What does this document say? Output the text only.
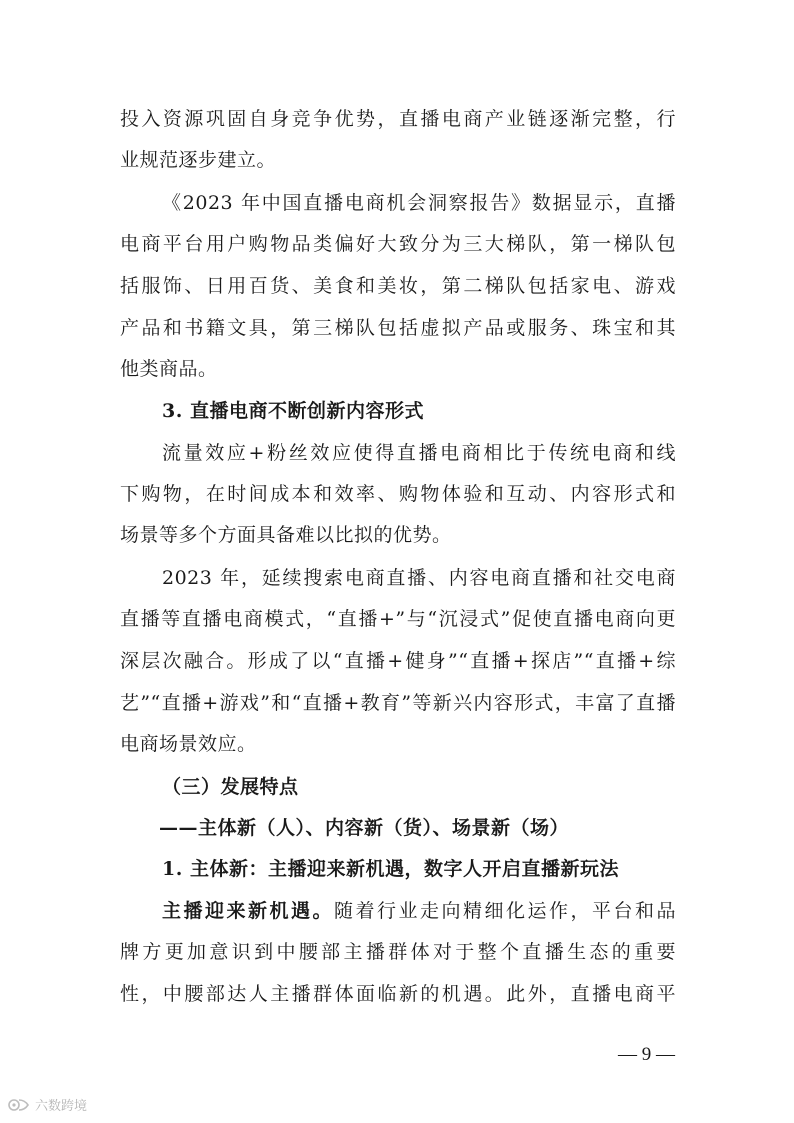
投入资源巩固自身竞争优势，直播电商产业链逐渐完整，行
业规范逐步建立。
《2023 年中国直播电商机会洞察报告》数据显示，直播
电商平台用户购物品类偏好大致分为三大梯队，第一梯队包
括服饰、日用百货、美食和美妆，第二梯队包括家电、游戏
产品和书籍文具，第三梯队包括虚拟产品或服务、珠宝和其
他类商品。
3. 直播电商不断创新内容形式
流量效应+粉丝效应使得直播电商相比于传统电商和线
下购物，在时间成本和效率、购物体验和互动、内容形式和
场景等多个方面具备难以比拟的优势。
2023 年，延续搜索电商直播、内容电商直播和社交电商
直播等直播电商模式，“直播+”与“沉浸式”促使直播电商向更
深层次融合。形成了以“直播+健身”“直播+探店”“直播+综
艺”“直播+游戏”和“直播+教育”等新兴内容形式，丰富了直播
电商场景效应。
（三）发展特点
——主体新（人）、内容新（货）、场景新（场）
1. 主体新：主播迎来新机遇，数字人开启直播新玩法
主播迎来新机遇。随着行业走向精细化运作，平台和品
牌方更加意识到中腰部主播群体对于整个直播生态的重要
性，中腰部达人主播群体面临新的机遇。此外，直播电商平
— 9 —
六数跨境
